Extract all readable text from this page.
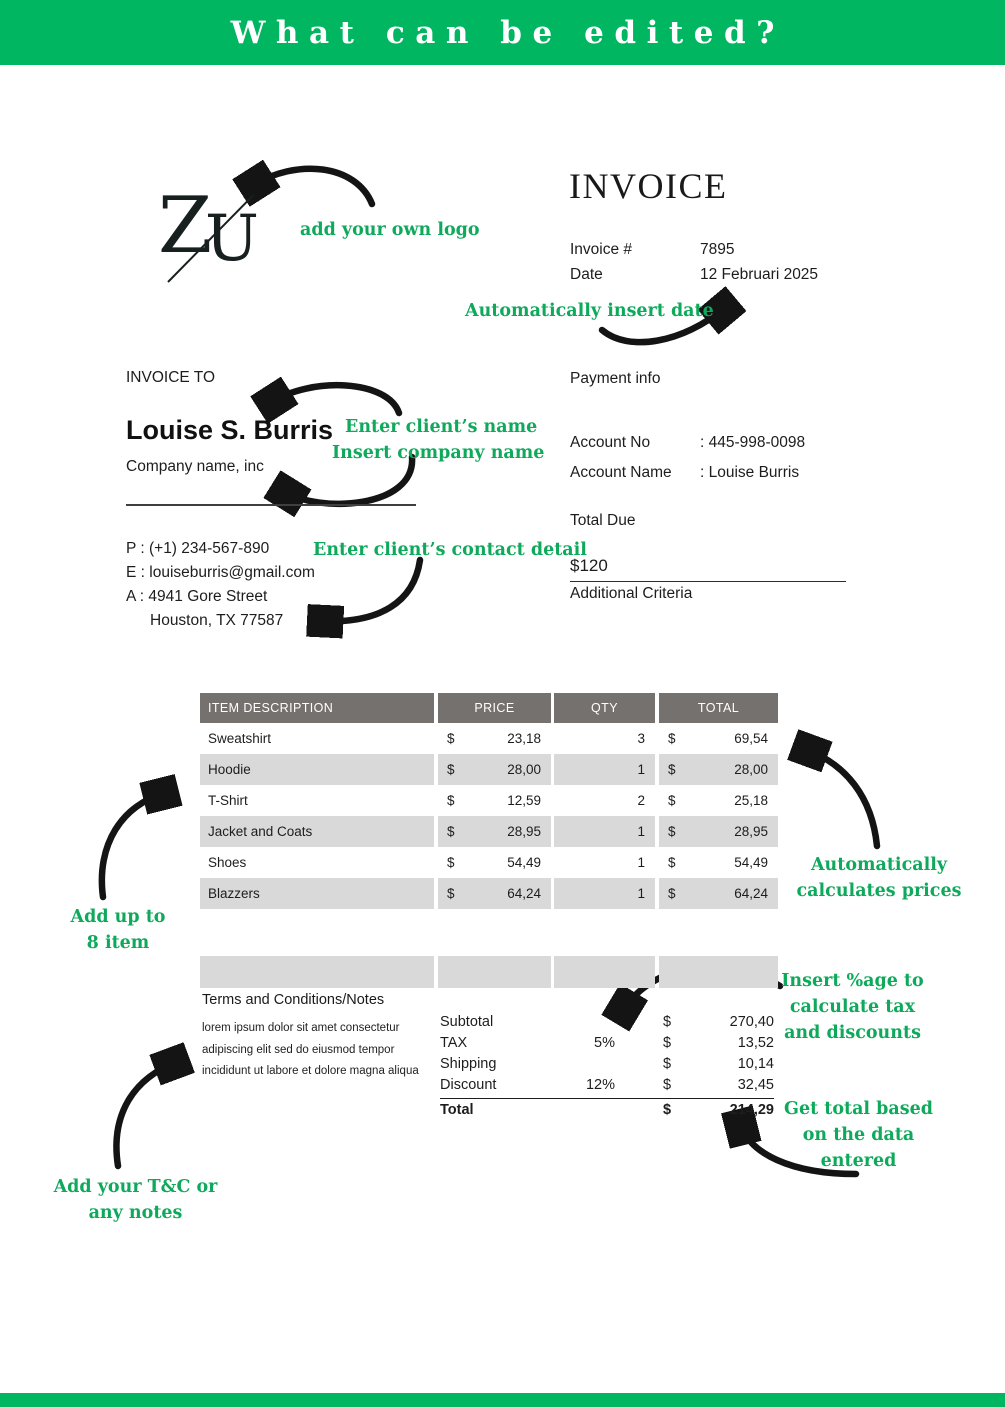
What can be edited?
Z
U
INVOICE
Invoice #	7895
Date	12 Februari 2025
INVOICE TO
Louise S. Burris
Company name, inc
P : (+1) 234-567-890
E : louiseburris@gmail.com
A : 4941 Gore Street
Houston, TX 77587
Payment info
Account No	: 445-998-0098
Account Name	: Louise Burris
Total Due
$120
Additional Criteria
ITEM DESCRIPTION	PRICE	QTY	TOTAL
Sweatshirt	$	23,18	3	$	69,54
Hoodie	$	28,00	1	$	28,00
T-Shirt	$	12,59	2	$	25,18
Jacket and Coats	$	28,95	1	$	28,95
Shoes	$	54,49	1	$	54,49
Blazzers	$	64,24	1	$	64,24
Terms and Conditions/Notes
lorem ipsum dolor sit amet consectetur
adipiscing elit sed do eiusmod tempor
incididunt ut labore et dolore magna aliqua
Subtotal	$	270,40
TAX	5%	$	13,52
Shipping	$	10,14
Discount	12%	$	32,45
Total	$	214,29
add your own logo
Automatically insert date
Enter client’s name
Insert company name
Enter client’s contact detail
Add up to
8 item
Automatically
calculates prices
Insert %age to
calculate tax
and discounts
Get total based
on the data
entered
Add your T&C or
any notes
